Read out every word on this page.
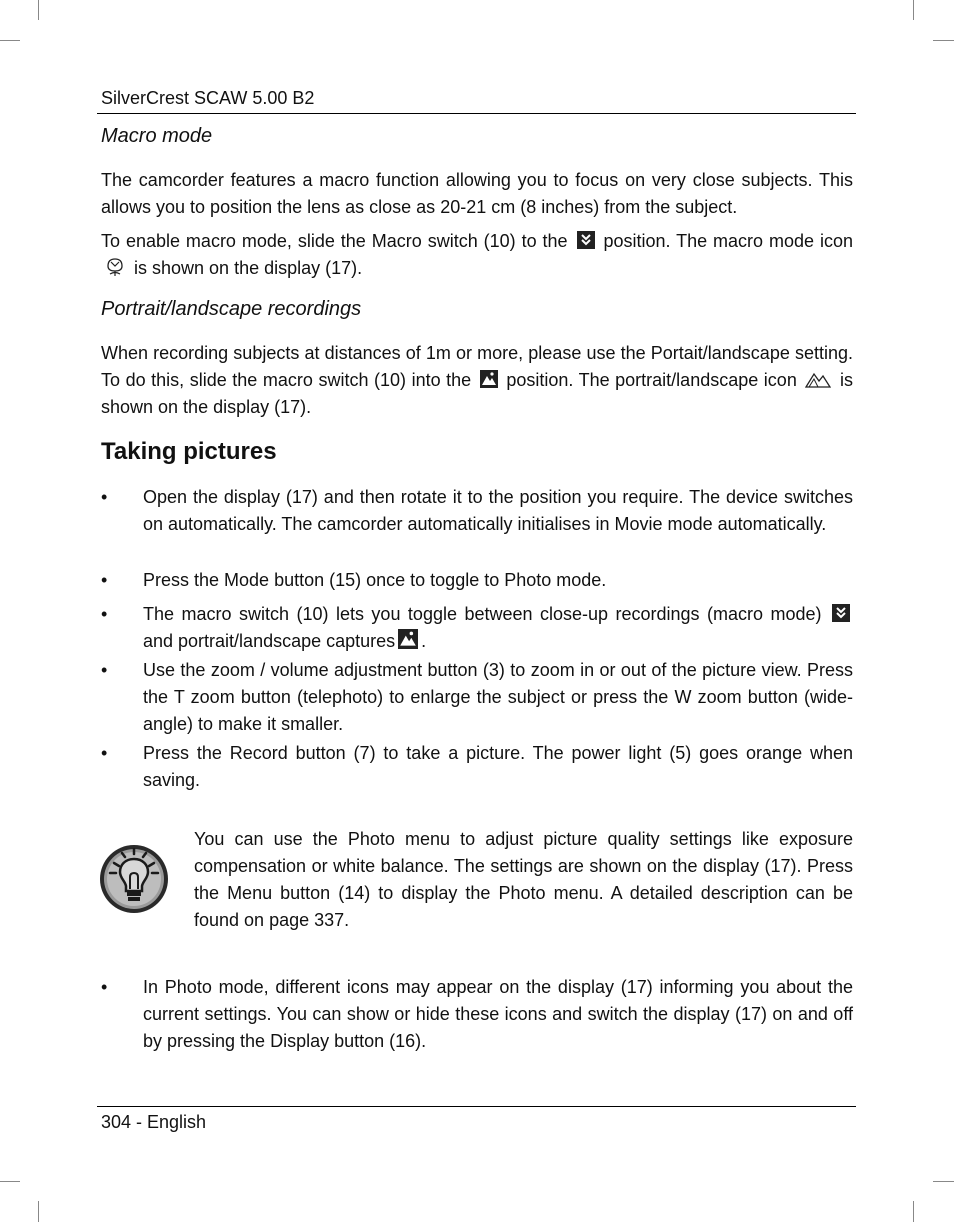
SilverCrest SCAW 5.00 B2

Macro mode

The camcorder features a macro function allowing you to focus on very close subjects. This allows you to position the lens as close as 20-21 cm (8 inches) from the subject.

To enable macro mode, slide the Macro switch (10) to the position. The macro mode icon  is shown on the display (17).

Portrait/landscape recordings

When recording subjects at distances of 1m or more, please use the Portait/landscape setting. To do this, slide the macro switch (10) into the position. The portrait/landscape icon is shown on the display (17).

Taking pictures
• Open the display (17) and then rotate it to the position you require. The device switches on automatically. The camcorder automatically initialises in Movie mode automatically.
• Press the Mode button (15) once to toggle to Photo mode.
• The macro switch (10) lets you toggle between close-up recordings (macro mode)  and portrait/landscape captures .
• Use the zoom / volume adjustment button (3) to zoom in or out of the picture view. Press the T zoom button (telephoto) to enlarge the subject or press the W zoom button (wide-angle) to make it smaller.
• Press the Record button (7) to take a picture. The power light (5) goes orange when saving.

You can use the Photo menu to adjust picture quality settings like exposure compensation or white balance. The settings are shown on the display (17). Press the Menu button (14) to display the Photo menu. A detailed description can be found on page 337.

• In Photo mode, different icons may appear on the display (17) informing you about the current settings. You can show or hide these icons and switch the display (17) on and off by pressing the Display button (16).
304 - English
